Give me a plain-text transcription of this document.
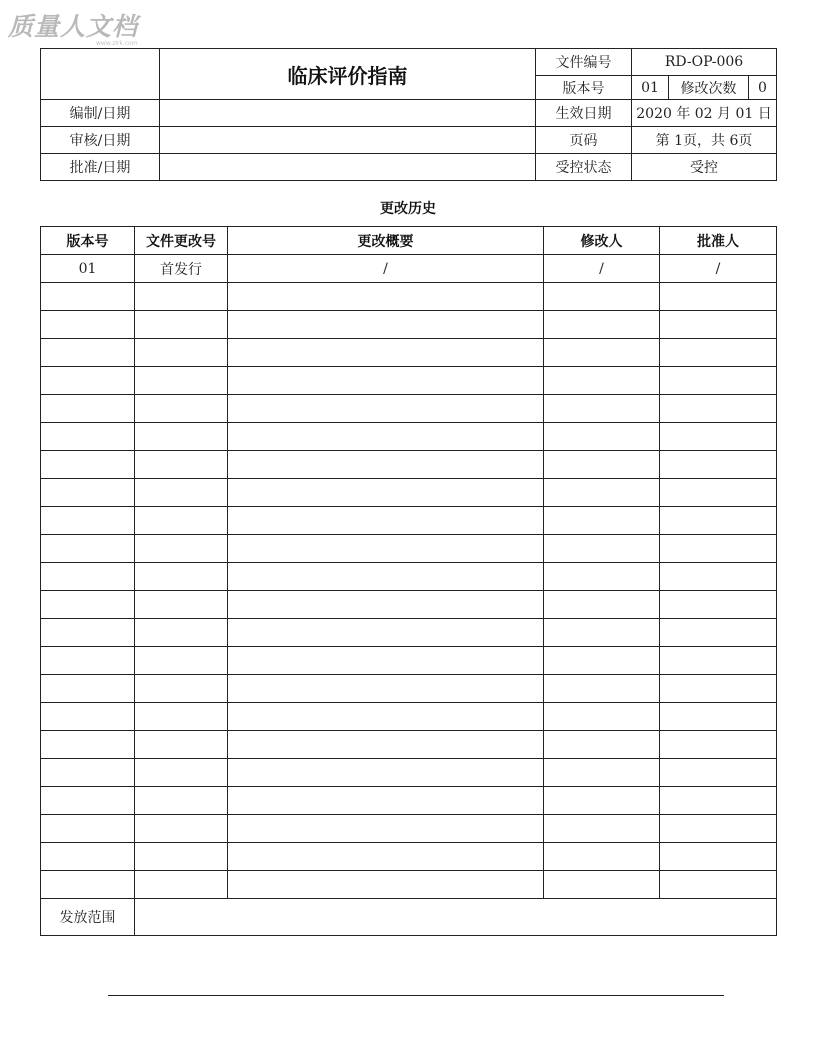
质量人文档
www.zlrk.com
	临床评价指南	文件编号	RD-OP-006		
		版本号	01	修改次数	0
编制/日期		生效日期	2020 年 02 月 01 日		
审核/日期		页码	第 1页，共 6页		
批准/日期		受控状态	受控		
更改历史
版本号	文件更改号	更改概要	修改人	批准人
01	首发行	/	/	/

发放范围				
